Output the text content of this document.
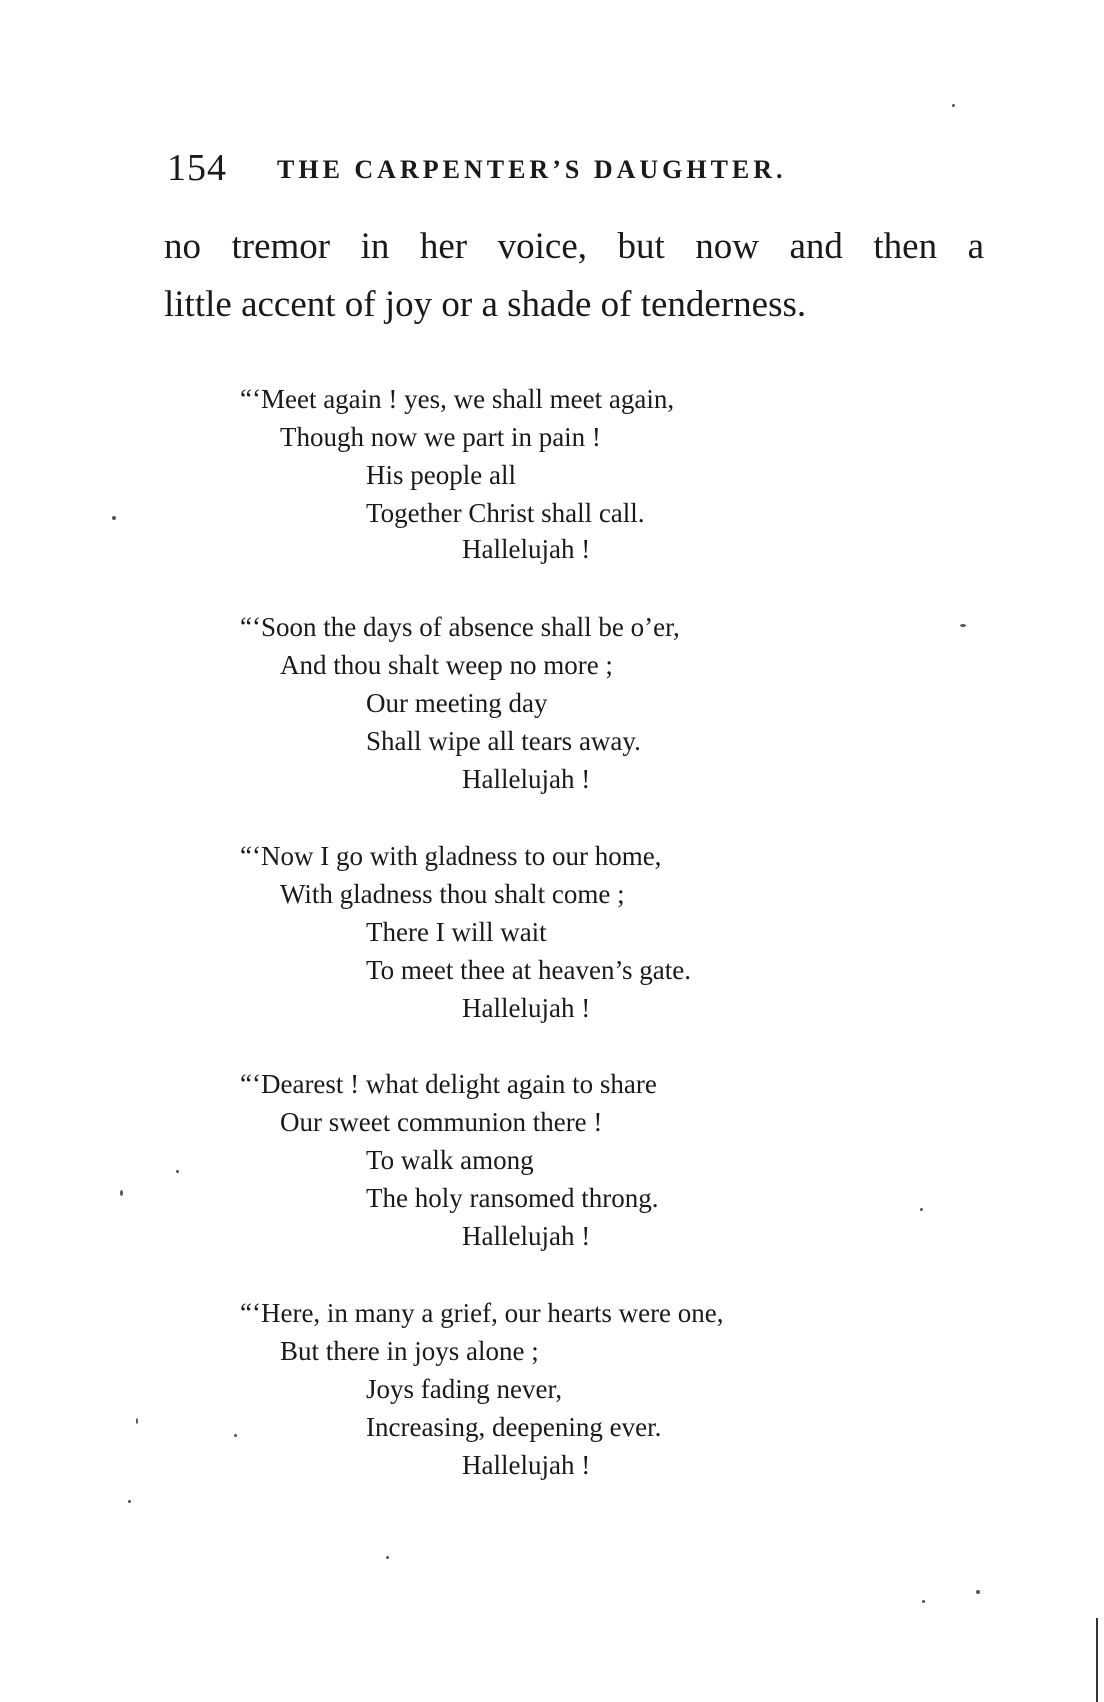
154 THE CARPENTER’S DAUGHTER.
no tremor in her voice, but now and then a
little accent of joy or a shade of tenderness.
“‘Meet again ! yes, we shall meet again,
Though now we part in pain !
His people all
Together Christ shall call.
Hallelujah !
“‘Soon the days of absence shall be o’er,
And thou shalt weep no more ;
Our meeting day
Shall wipe all tears away.
Hallelujah !
“‘Now I go with gladness to our home,
With gladness thou shalt come ;
There I will wait
To meet thee at heaven’s gate.
Hallelujah !
“‘Dearest ! what delight again to share
Our sweet communion there !
To walk among
The holy ransomed throng.
Hallelujah !
“‘Here, in many a grief, our hearts were one,
But there in joys alone ;
Joys fading never,
Increasing, deepening ever.
Hallelujah !
